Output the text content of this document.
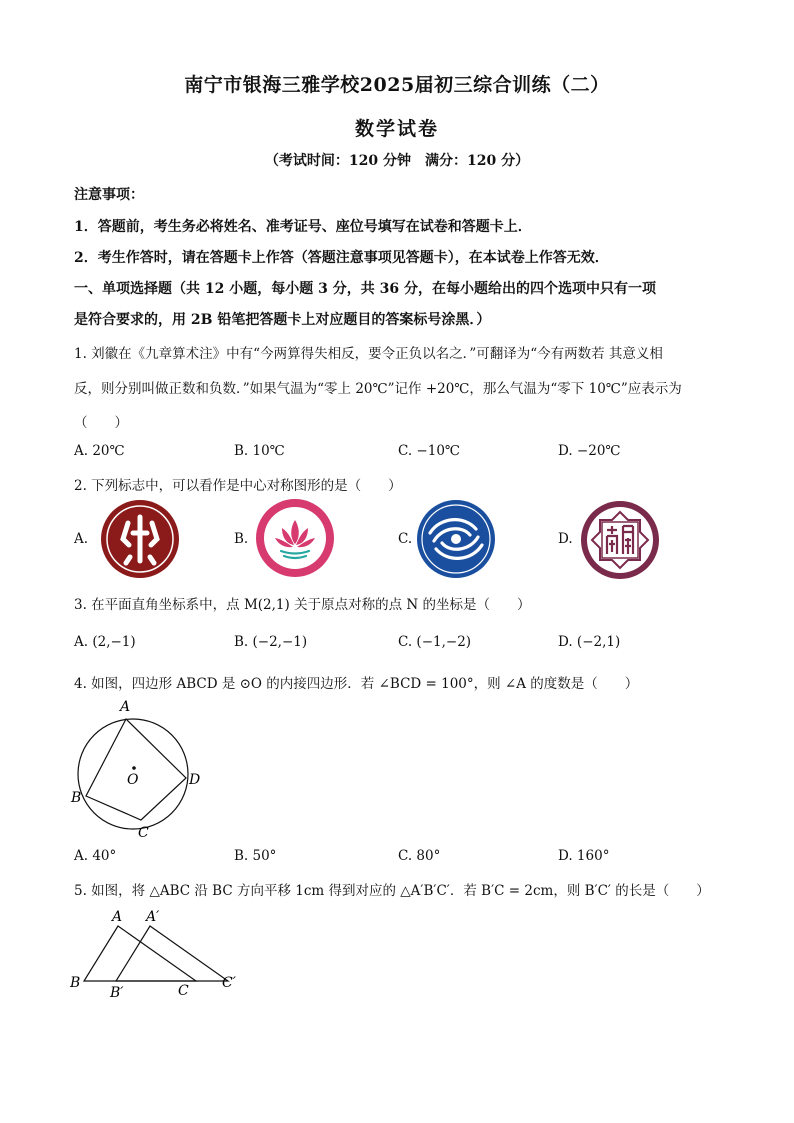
南宁市银海三雅学校2025届初三综合训练（二）
数学试卷
（考试时间：120 分钟　满分：120 分）
注意事项：
1．答题前，考生务必将姓名、准考证号、座位号填写在试卷和答题卡上．
2．考生作答时，请在答题卡上作答（答题注意事项见答题卡），在本试卷上作答无效．
一、单项选择题（共 12 小题，每小题 3 分，共 36 分，在每小题给出的四个选项中只有一项
是符合要求的，用 2B 铅笔把答题卡上对应题目的答案标号涂黑．）
1. 刘徽在《九章算术注》中有“今两算得失相反，要令正负以名之．”可翻译为“今有两数若 其意义相
反，则分别叫做正数和负数．”如果气温为“零上 20℃”记作 +20℃，那么气温为“零下 10℃”应表示为
（　　）
A. 20℃	B. 10℃	C. −10℃	D. −20℃
2. 下列标志中，可以看作是中心对称图形的是（　　）
A.	B.	C.	D.
3. 在平面直角坐标系中，点 M(2,1) 关于原点对称的点 N 的坐标是（　　）
A. (2,−1)	B. (−2,−1)	C. (−1,−2)	D. (−2,1)
4. 如图，四边形 ABCD 是 ⊙O 的内接四边形．若 ∠BCD = 100°，则 ∠A 的度数是（　　）
A
B
C
D
O
A. 40°	B. 50°	C. 80°	D. 160°
5. 如图，将 △ABC 沿 BC 方向平移 1cm 得到对应的 △A′B′C′．若 B′C = 2cm，则 B′C′ 的长是（　　）
A A′
B
B′	C C′
